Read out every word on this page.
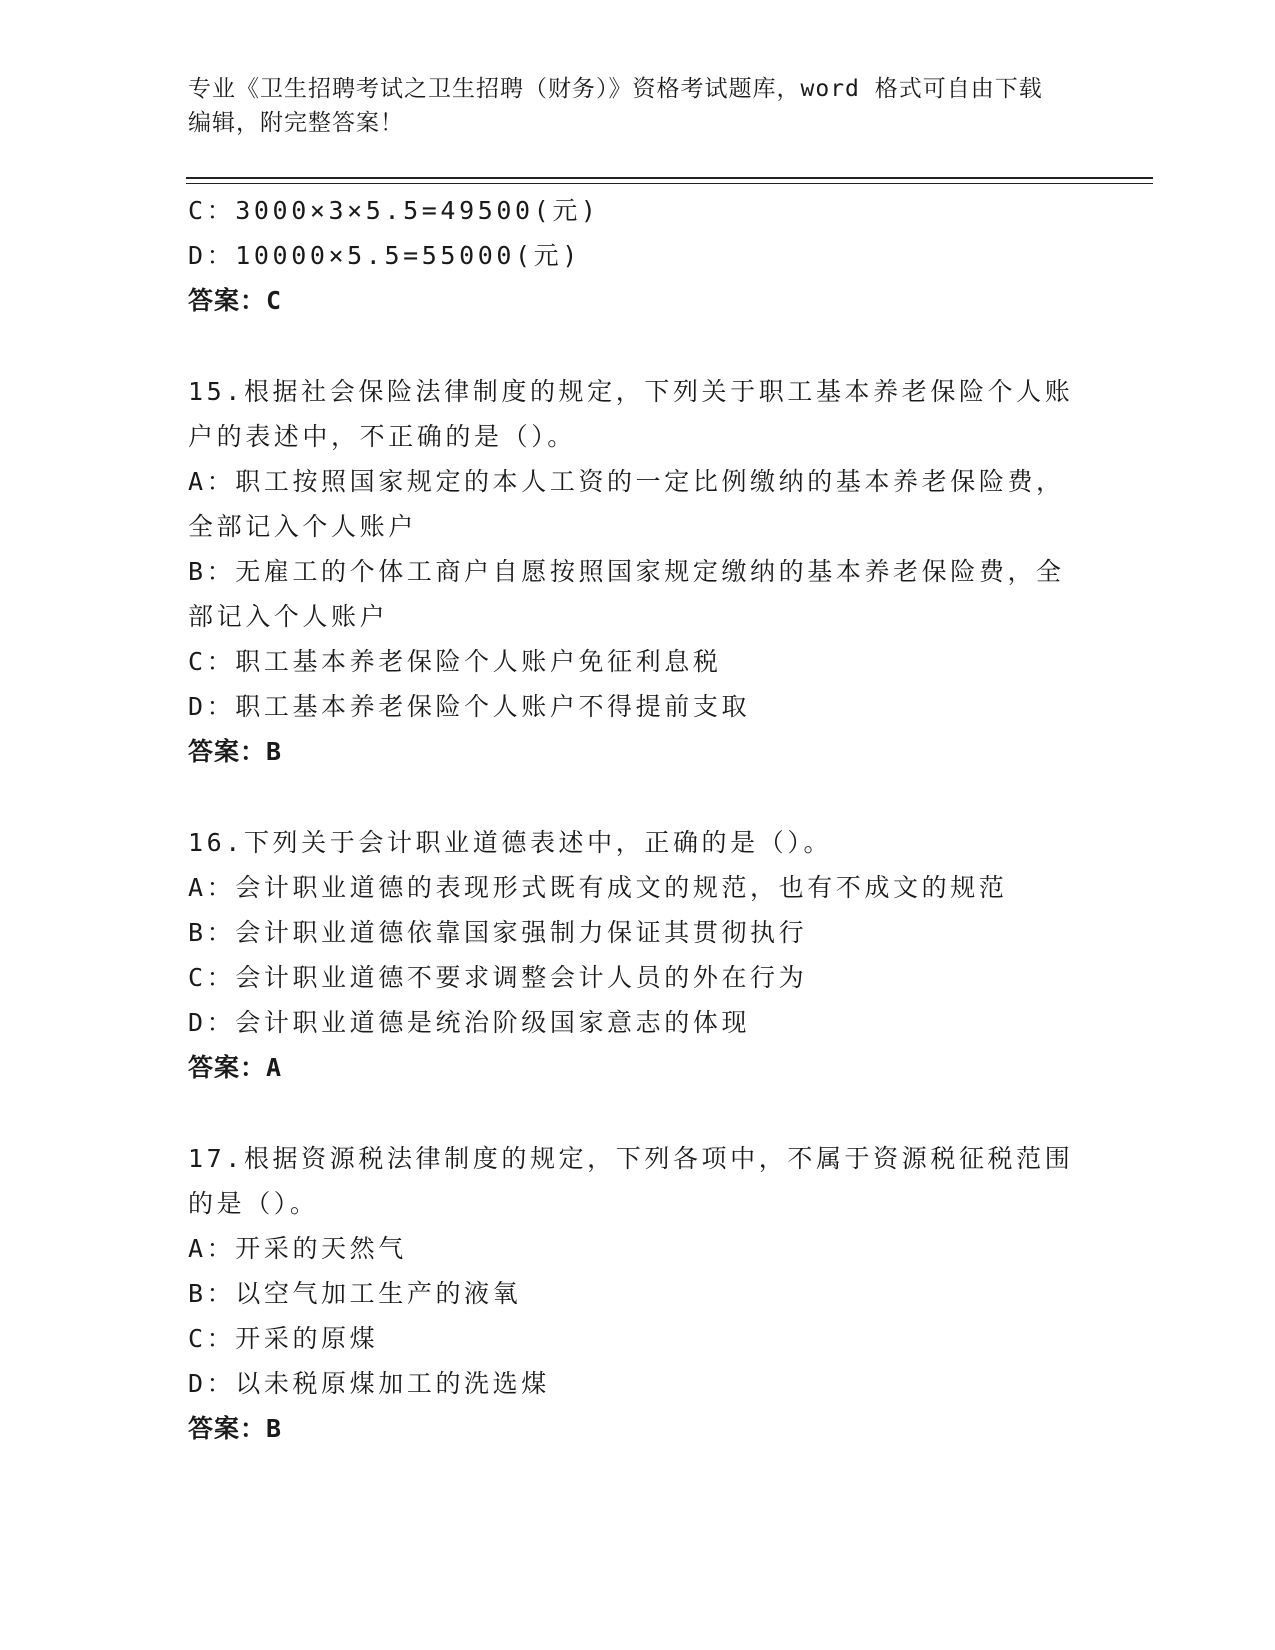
专业《卫生招聘考试之卫生招聘（财务）》资格考试题库，word 格式可自由下载
编辑，附完整答案！
C：3000×3×5.5=49500(元)
D：10000×5.5=55000(元)
答案：C
15.根据社会保险法律制度的规定，下列关于职工基本养老保险个人账
户的表述中，不正确的是（）。
A：职工按照国家规定的本人工资的一定比例缴纳的基本养老保险费，
全部记入个人账户
B：无雇工的个体工商户自愿按照国家规定缴纳的基本养老保险费，全
部记入个人账户
C：职工基本养老保险个人账户免征利息税
D：职工基本养老保险个人账户不得提前支取
答案：B
16.下列关于会计职业道德表述中，正确的是（）。
A：会计职业道德的表现形式既有成文的规范，也有不成文的规范
B：会计职业道德依靠国家强制力保证其贯彻执行
C：会计职业道德不要求调整会计人员的外在行为
D：会计职业道德是统治阶级国家意志的体现
答案：A
17.根据资源税法律制度的规定，下列各项中，不属于资源税征税范围
的是（）。
A：开采的天然气
B：以空气加工生产的液氧
C：开采的原煤
D：以未税原煤加工的洗选煤
答案：B
